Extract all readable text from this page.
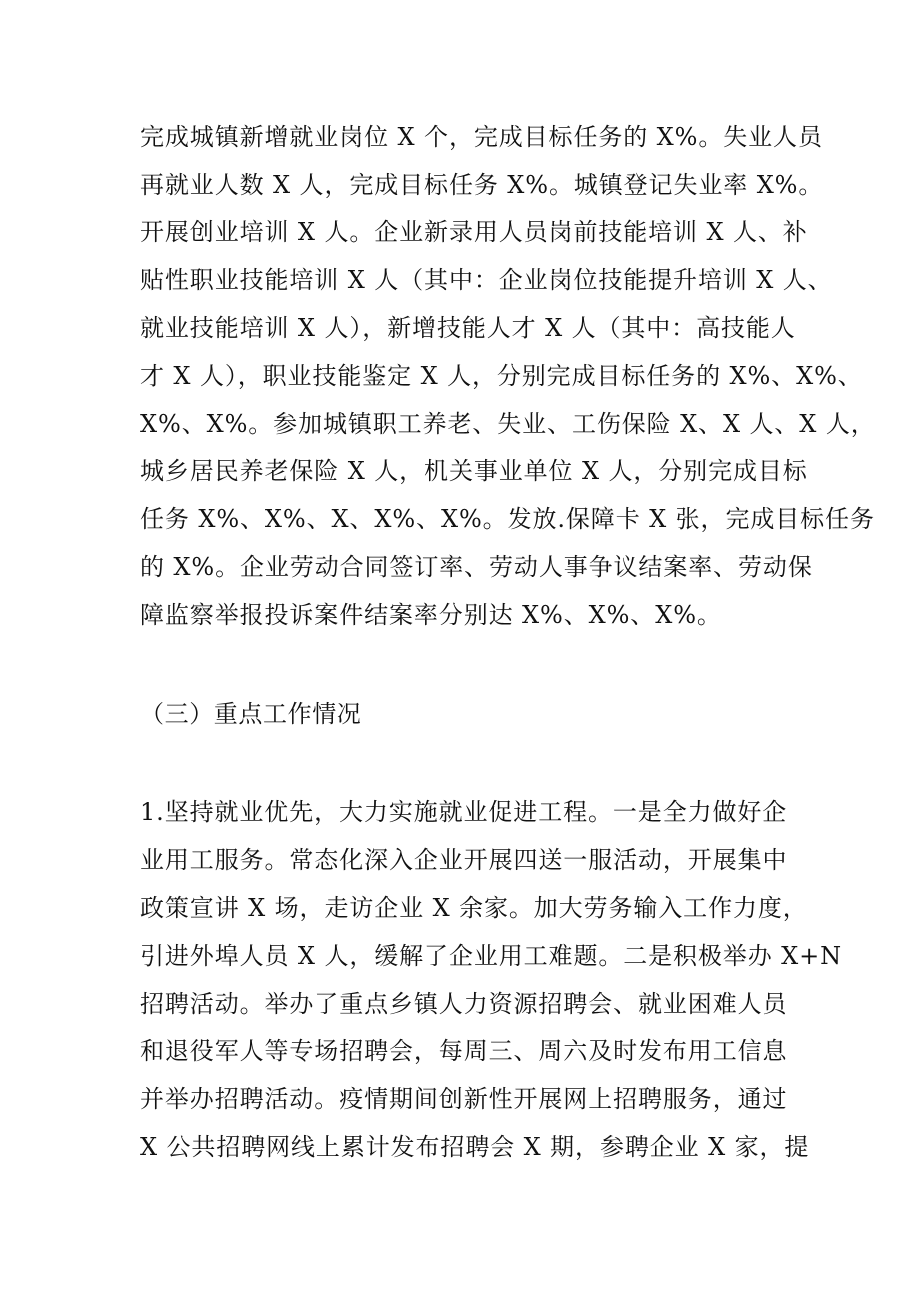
完成城镇新增就业岗位 X 个，完成目标任务的 X%。失业人员
再就业人数 X 人，完成目标任务 X%。城镇登记失业率 X%。
开展创业培训 X 人。企业新录用人员岗前技能培训 X 人、补
贴性职业技能培训 X 人（其中：企业岗位技能提升培训 X 人、
就业技能培训 X 人），新增技能人才 X 人（其中：高技能人
才 X 人），职业技能鉴定 X 人，分别完成目标任务的 X%、X%、
X%、X%。参加城镇职工养老、失业、工伤保险 X、X 人、X 人，
城乡居民养老保险 X 人，机关事业单位 X 人，分别完成目标
任务 X%、X%、X、X%、X%。发放.保障卡 X 张，完成目标任务
的 X%。企业劳动合同签订率、劳动人事争议结案率、劳动保
障监察举报投诉案件结案率分别达 X%、X%、X%。
（三）重点工作情况
1.坚持就业优先，大力实施就业促进工程。一是全力做好企
业用工服务。常态化深入企业开展四送一服活动，开展集中
政策宣讲 X 场，走访企业 X 余家。加大劳务输入工作力度，
引进外埠人员 X 人，缓解了企业用工难题。二是积极举办 X+N
招聘活动。举办了重点乡镇人力资源招聘会、就业困难人员
和退役军人等专场招聘会，每周三、周六及时发布用工信息
并举办招聘活动。疫情期间创新性开展网上招聘服务，通过
X 公共招聘网线上累计发布招聘会 X 期，参聘企业 X 家，提
